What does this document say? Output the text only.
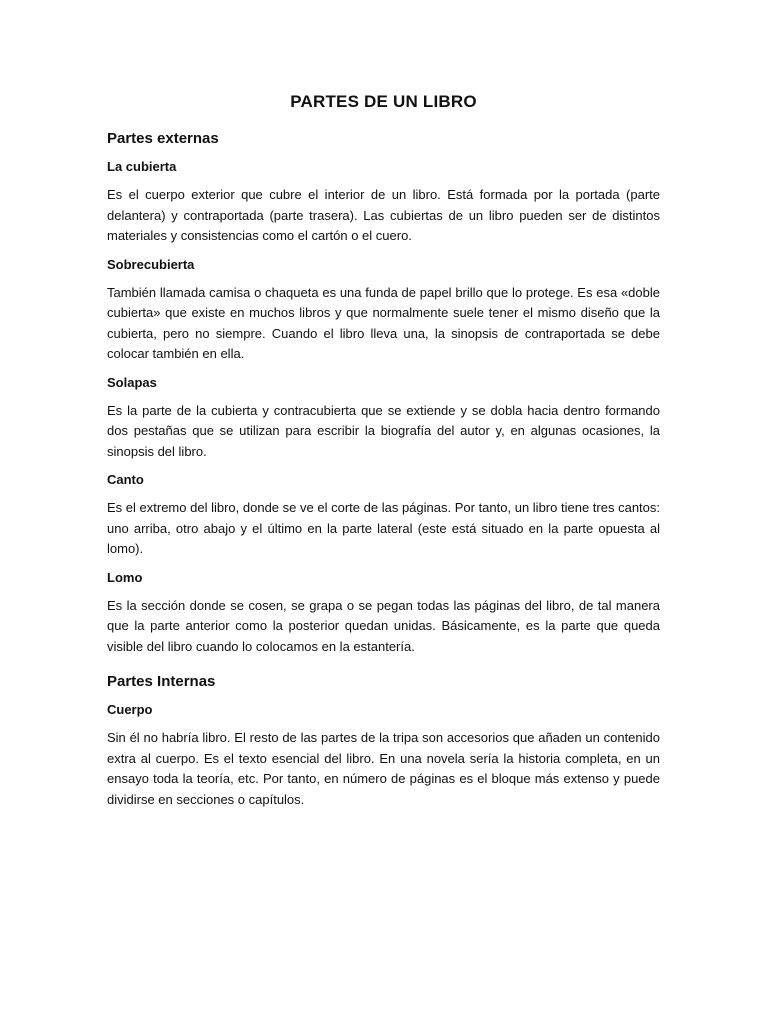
PARTES DE UN LIBRO
Partes externas
La cubierta

Es el cuerpo exterior que cubre el interior de un libro. Está formada por la portada (parte delantera) y contraportada (parte trasera). Las cubiertas de un libro pueden ser de distintos materiales y consistencias como el cartón o el cuero.

Sobrecubierta

También llamada camisa o chaqueta es una funda de papel brillo que lo protege. Es esa «doble cubierta» que existe en muchos libros y que normalmente suele tener el mismo diseño que la cubierta, pero no siempre. Cuando el libro lleva una, la sinopsis de contraportada se debe colocar también en ella.

Solapas

Es la parte de la cubierta y contracubierta que se extiende y se dobla hacia dentro formando dos pestañas que se utilizan para escribir la biografía del autor y, en algunas ocasiones, la sinopsis del libro.

Canto

Es el extremo del libro, donde se ve el corte de las páginas. Por tanto, un libro tiene tres cantos: uno arriba, otro abajo y el último en la parte lateral (este está situado en la parte opuesta al lomo).

Lomo

Es la sección donde se cosen, se grapa o se pegan todas las páginas del libro, de tal manera que la parte anterior como la posterior quedan unidas. Básicamente, es la parte que queda visible del libro cuando lo colocamos en la estantería.

Partes Internas
Cuerpo

Sin él no habría libro. El resto de las partes de la tripa son accesorios que añaden un contenido extra al cuerpo. Es el texto esencial del libro. En una novela sería la historia completa, en un ensayo toda la teoría, etc. Por tanto, en número de páginas es el bloque más extenso y puede dividirse en secciones o capítulos.
